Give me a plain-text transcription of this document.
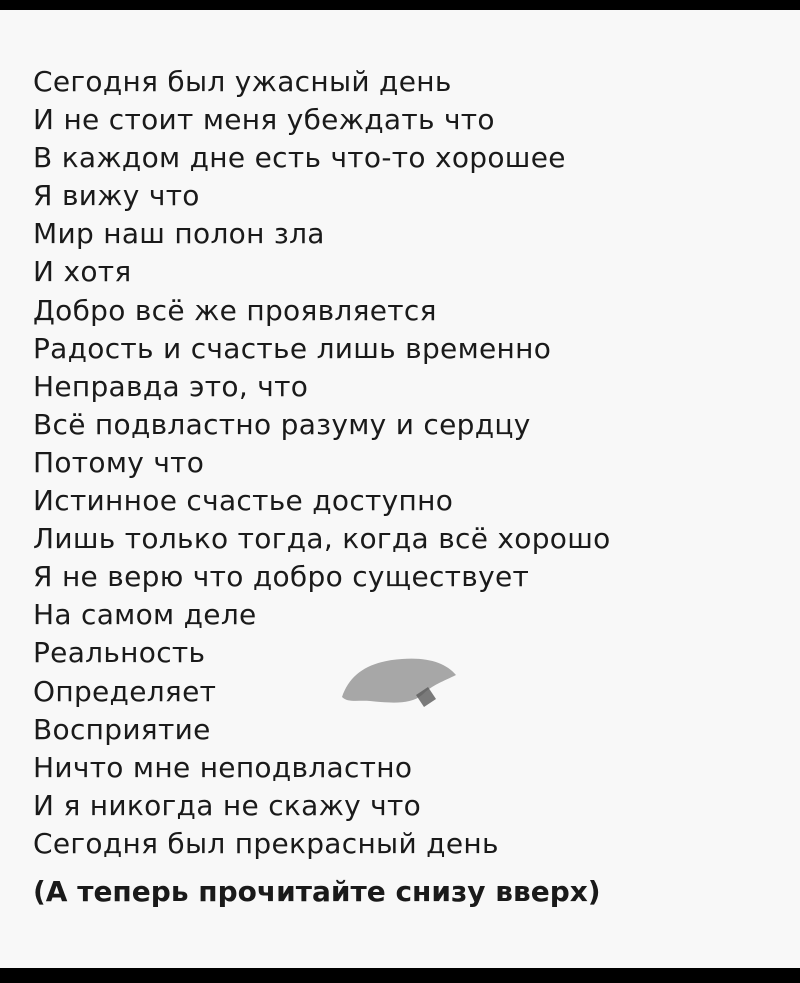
Сегодня был ужасный день
И не стоит меня убеждать что
В каждом дне есть что-то хорошее
Я вижу что
Мир наш полон зла
И хотя
Добро всё же проявляется
Радость и счастье лишь временно
Неправда это, что
Всё подвластно разуму и сердцу
Потому что
Истинное счастье доступно
Лишь только тогда, когда всё хорошо
Я не верю что добро существует
На самом деле
Реальность
Определяет
Восприятие
Ничто мне неподвластно
И я никогда не скажу что
Сегодня был прекрасный день
(А теперь прочитайте снизу вверх)
